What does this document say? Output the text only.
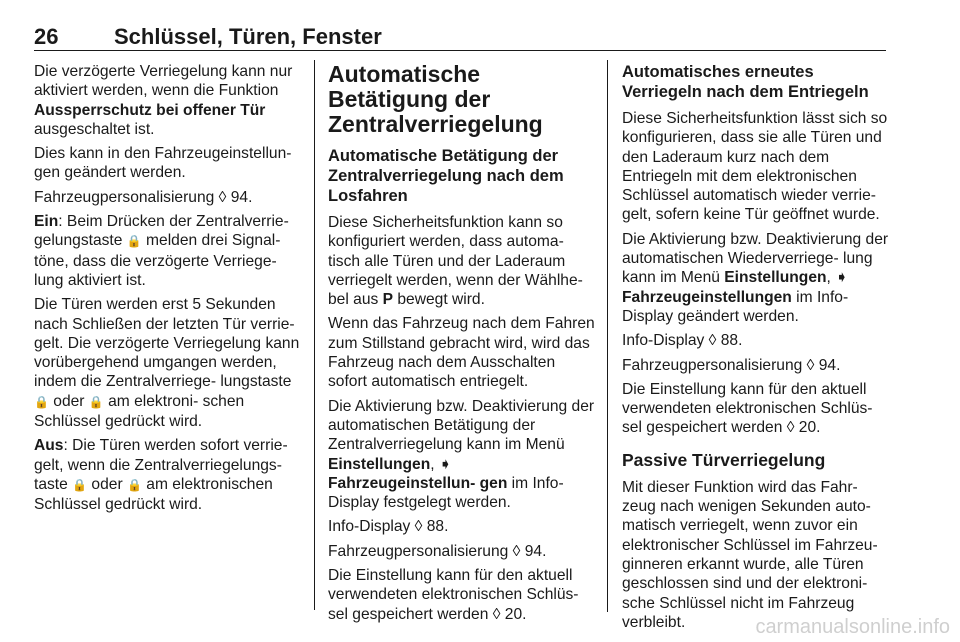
26	Schlüssel, Türen, Fenster

Die verzögerte Verriegelung kann nur aktiviert werden, wenn die Funktion Aussperrschutz bei offener Tür ausgeschaltet ist.

Dies kann in den Fahrzeugeinstellun‐ gen geändert werden.

Fahrzeugpersonalisierung ◊ 94.

Ein: Beim Drücken der Zentralverrie‐ gelungstaste 🔒 melden drei Signal‐ töne, dass die verzögerte Verriege‐ lung aktiviert ist.

Die Türen werden erst 5 Sekunden nach Schließen der letzten Tür verrie‐ gelt. Die verzögerte Verriegelung kann vorübergehend umgangen werden, indem die Zentralverriege‐ lungstaste 🔒 oder 🔒 am elektroni‐ schen Schlüssel gedrückt wird.

Aus: Die Türen werden sofort verrie‐ gelt, wenn die Zentralverriegelungs‐ taste 🔒 oder 🔒 am elektronischen Schlüssel gedrückt wird.

Automatische Betätigung der Zentralverriegelung
Automatische Betätigung der Zentralverriegelung nach dem Losfahren

Diese Sicherheitsfunktion kann so konfiguriert werden, dass automa‐ tisch alle Türen und der Laderaum verriegelt werden, wenn der Wählhe‐ bel aus P bewegt wird.

Wenn das Fahrzeug nach dem Fahren zum Stillstand gebracht wird, wird das Fahrzeug nach dem Ausschalten sofort automatisch entriegelt.

Die Aktivierung bzw. Deaktivierung der automatischen Betätigung der Zentralverriegelung kann im Menü Einstellungen, ➧ Fahrzeugeinstellun‐ gen im Info-Display festgelegt werden.

Info-Display ◊ 88.

Fahrzeugpersonalisierung ◊ 94.

Die Einstellung kann für den aktuell verwendeten elektronischen Schlüs‐ sel gespeichert werden ◊ 20.

Automatisches erneutes Verriegeln nach dem Entriegeln

Diese Sicherheitsfunktion lässt sich so konfigurieren, dass sie alle Türen und den Laderaum kurz nach dem Entriegeln mit dem elektronischen Schlüssel automatisch wieder verrie‐ gelt, sofern keine Tür geöffnet wurde.

Die Aktivierung bzw. Deaktivierung der automatischen Wiederverriege‐ lung kann im Menü Einstellungen, ➧ Fahrzeugeinstellungen im Info- Display geändert werden.

Info-Display ◊ 88.

Fahrzeugpersonalisierung ◊ 94.

Die Einstellung kann für den aktuell verwendeten elektronischen Schlüs‐ sel gespeichert werden ◊ 20.

Passive Türverriegelung

Mit dieser Funktion wird das Fahr‐ zeug nach wenigen Sekunden auto‐ matisch verriegelt, wenn zuvor ein elektronischer Schlüssel im Fahrzeu‐ ginneren erkannt wurde, alle Türen geschlossen sind und der elektroni‐ sche Schlüssel nicht im Fahrzeug verbleibt.	carmanualsonline.info
